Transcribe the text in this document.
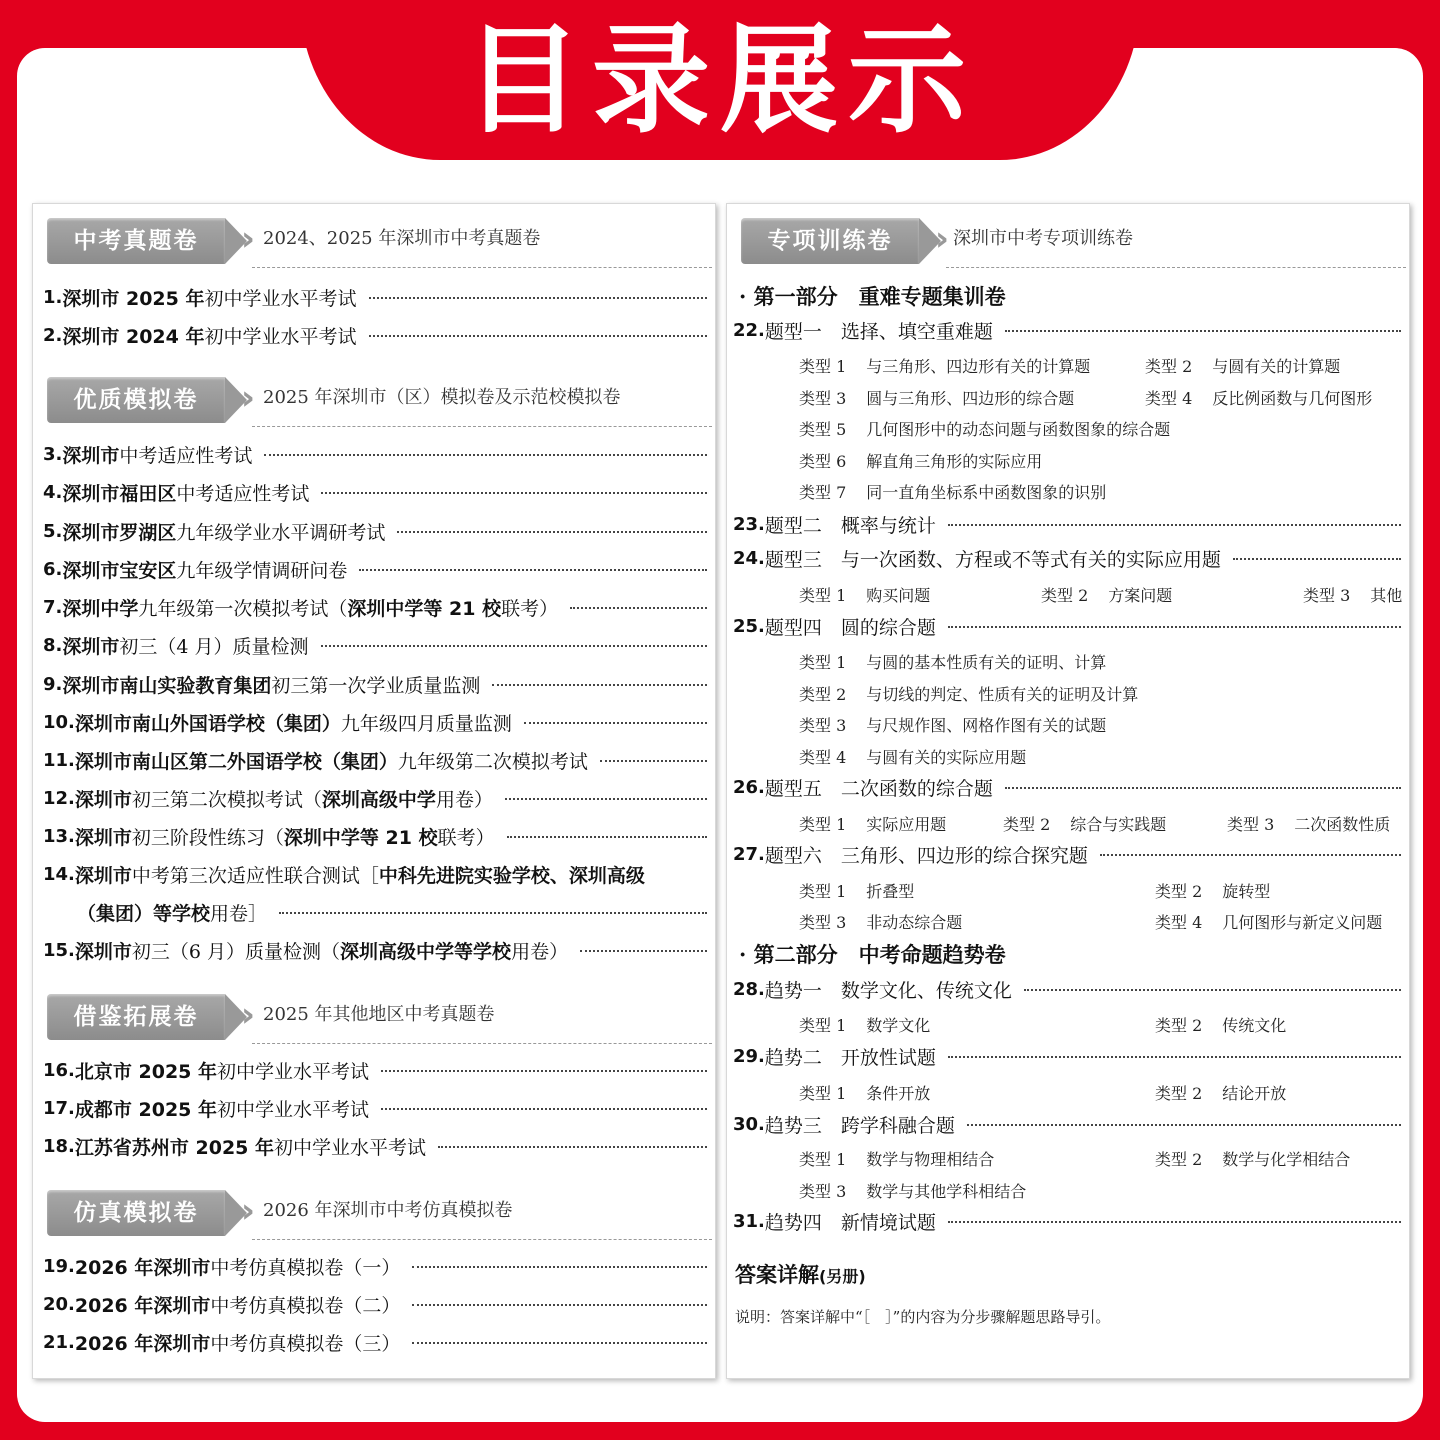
目录展示
中考真题卷	› 2024、2025 年深圳市中考真题卷
1. 深圳市 2025 年 初中学业水平考试
2. 深圳市 2024 年 初中学业水平考试
优质模拟卷	› 2025 年深圳市（区）模拟卷及示范校模拟卷
3. 深圳市 中考适应性考试
4. 深圳市福田区 中考适应性考试
5. 深圳市罗湖区 九年级学业水平调研考试
6. 深圳市宝安区 九年级学情调研问卷
7. 深圳中学 九年级第一次模拟考试（ 深圳中学等 21 校 联考）
8. 深圳市 初三（4 月）质量检测
9. 深圳市南山实验教育集团 初三第一次学业质量监测
10. 深圳市南山外国语学校（集团） 九年级四月质量监测
11. 深圳市南山区第二外国语学校（集团） 九年级第二次模拟考试
12. 深圳市 初三第二次模拟考试（ 深圳高级中学 用卷）
13. 深圳市 初三阶段性练习（ 深圳中学等 21 校 联考）
14. 深圳市 中考第三次适应性联合测试［ 中科先进院实验学校、深圳高级
（集团）等学校 用卷］
15. 深圳市 初三（6 月）质量检测（ 深圳高级中学等学校 用卷）
借鉴拓展卷	› 2025 年其他地区中考真题卷
16. 北京市 2025 年 初中学业水平考试
17. 成都市 2025 年 初中学业水平考试
18. 江苏省苏州市 2025 年 初中学业水平考试
仿真模拟卷	› 2026 年深圳市中考仿真模拟卷
19. 2026 年深圳市 中考仿真模拟卷（一）
20. 2026 年深圳市 中考仿真模拟卷（二）
21. 2026 年深圳市 中考仿真模拟卷（三）
专项训练卷	› 深圳市中考专项训练卷
· 第一部分　重难专题集训卷
22. 题型一　选择、填空重难题
类型 1 与三角形、四边形有关的计算题	类型 2 与圆有关的计算题
类型 3 圆与三角形、四边形的综合题	类型 4 反比例函数与几何图形
类型 5 几何图形中的动态问题与函数图象的综合题
类型 6 解直角三角形的实际应用
类型 7 同一直角坐标系中函数图象的识别
23. 题型二　概率与统计
24. 题型三　与一次函数、方程或不等式有关的实际应用题
类型 1 购买问题	类型 2 方案问题	类型 3 其他
25. 题型四　圆的综合题
类型 1 与圆的基本性质有关的证明、计算
类型 2 与切线的判定、性质有关的证明及计算
类型 3 与尺规作图、网格作图有关的试题
类型 4 与圆有关的实际应用题
26. 题型五　二次函数的综合题
类型 1 实际应用题	类型 2 综合与实践题	类型 3 二次函数性质
27. 题型六　三角形、四边形的综合探究题
类型 1 折叠型	类型 2 旋转型
类型 3 非动态综合题	类型 4 几何图形与新定义问题
· 第二部分　中考命题趋势卷
28. 趋势一　数学文化、传统文化
类型 1 数学文化	类型 2 传统文化
29. 趋势二　开放性试题
类型 1 条件开放	类型 2 结论开放
30. 趋势三　跨学科融合题
类型 1 数学与物理相结合	类型 2 数学与化学相结合
类型 3 数学与其他学科相结合
31. 趋势四　新情境试题
答案详解(另册)
说明：答案详解中“［　］”的内容为分步骤解题思路导引。
